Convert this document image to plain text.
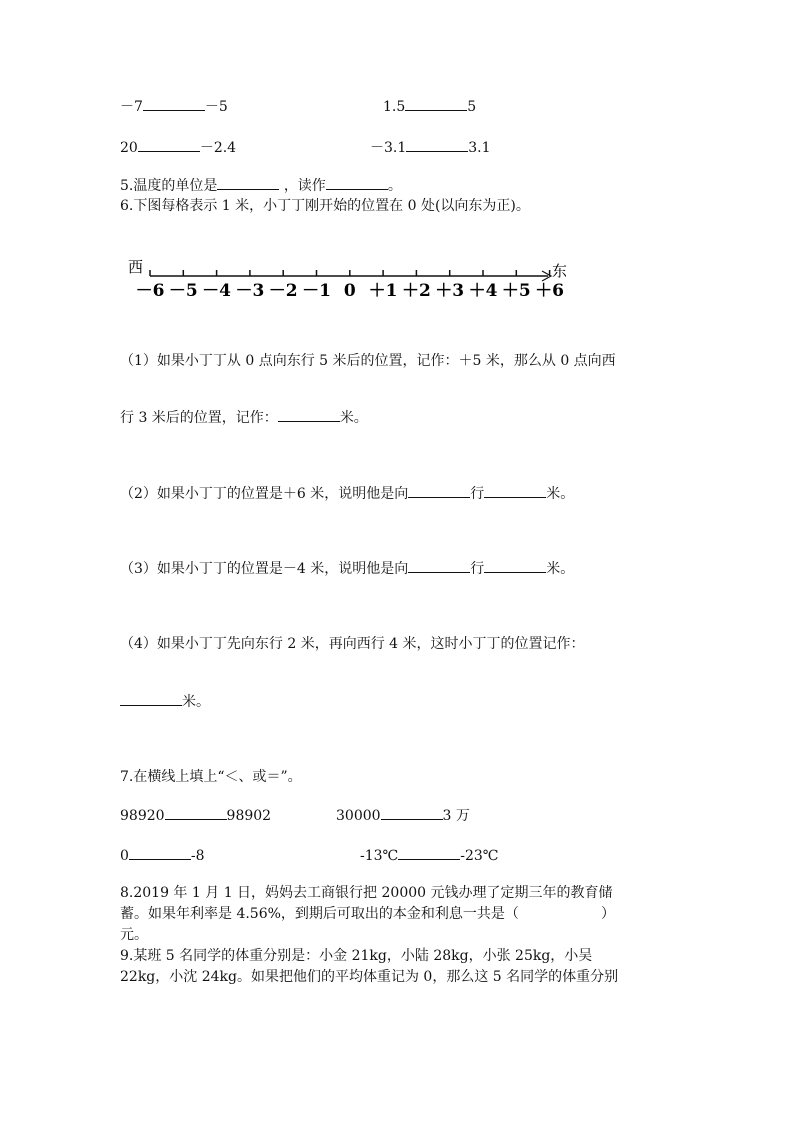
－7	－5	1.5	5
20	－2.4	－3.1	3.1
5.温度的单位是	，读作	。
6.下图每格表示 1 米，小丁丁刚开始的位置在 0 处(以向东为正)。
西	东
－6 －5 －4 －3 －2 －1 0 ＋1 ＋2 ＋3 ＋4 ＋5 ＋6
（1）如果小丁丁从 0 点向东行 5 米后的位置，记作：＋5 米，那么从 0 点向西
行 3 米后的位置，记作：	米。
（2）如果小丁丁的位置是＋6 米，说明他是向	行	米。
（3）如果小丁丁的位置是－4 米，说明他是向	行	米。
（4）如果小丁丁先向东行 2 米，再向西行 4 米，这时小丁丁的位置记作：
米。
7.在横线上填上“＜、或＝”。
98920	98902	30000	3 万
0	-8	-13℃	-23℃
8.2019 年 1 月 1 日，妈妈去工商银行把 20000 元钱办理了定期三年的教育储
蓄。如果年利率是 4.56%，到期后可取出的本金和利息一共是（	）
元。
9.某班 5 名同学的体重分别是：小金 21kg，小陆 28kg，小张 25kg，小吴
22kg，小沈 24kg。如果把他们的平均体重记为 0，那么这 5 名同学的体重分别
